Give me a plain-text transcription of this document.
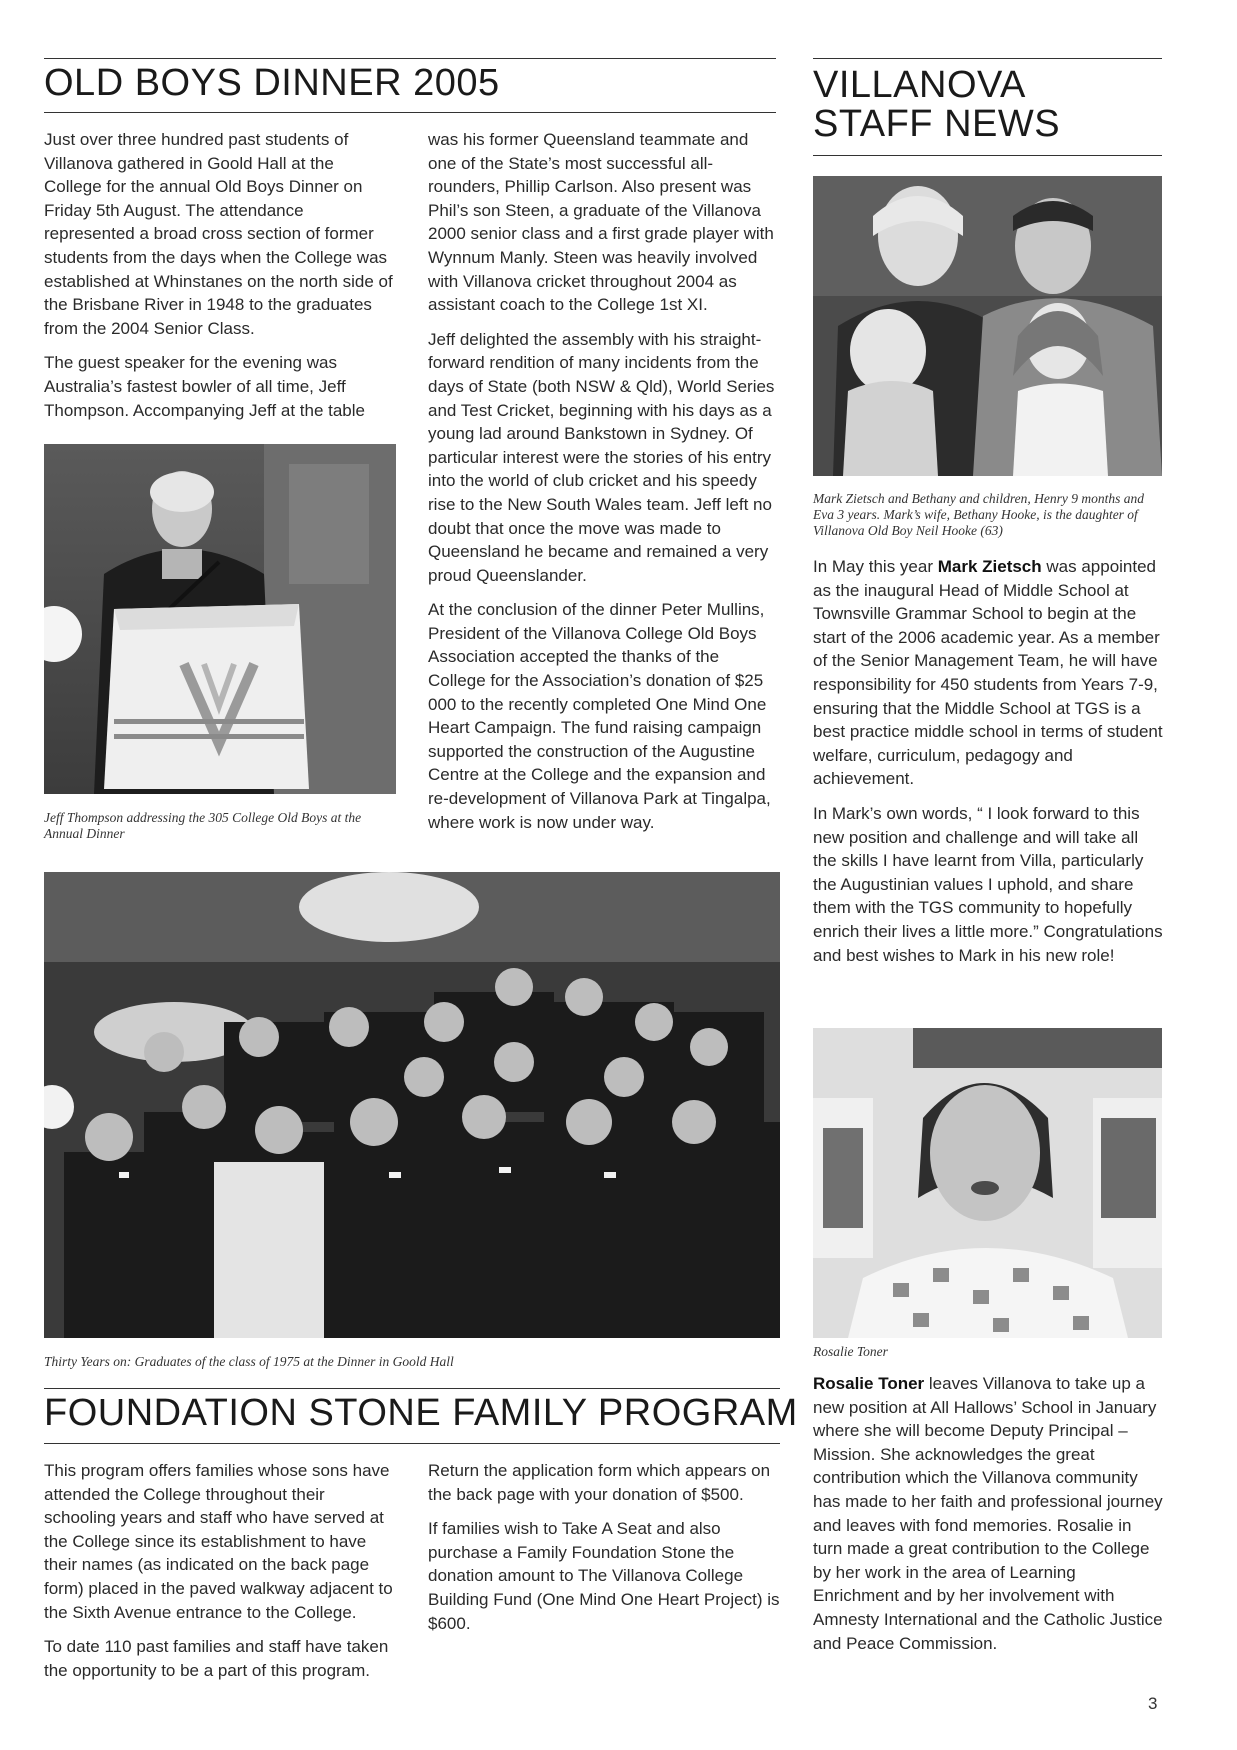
OLD BOYS DINNER 2005

Just over three hundred past students of Villanova gathered in Goold Hall at the College for the annual Old Boys Dinner on Friday 5th August. The attendance represented a broad cross section of former students from the days when the College was established at Whinstanes on the north side of the Brisbane River in 1948 to the graduates from the 2004 Senior Class.

The guest speaker for the evening was Australia’s fastest bowler of all time, Jeff Thompson. Accompanying Jeff at the table

Jeff Thompson addressing the 305 College Old Boys at the Annual Dinner

was his former Queensland teammate and one of the State’s most successful all-rounders, Phillip Carlson. Also present was Phil’s son Steen, a graduate of the Villanova 2000 senior class and a first grade player with Wynnum Manly. Steen was heavily involved with Villanova cricket throughout 2004 as assistant coach to the College 1st XI.

Jeff delighted the assembly with his straight-forward rendition of many incidents from the days of State (both NSW & Qld), World Series and Test Cricket, beginning with his days as a young lad around Bankstown in Sydney. Of particular interest were the stories of his entry into the world of club cricket and his speedy rise to the New South Wales team. Jeff left no doubt that once the move was made to Queensland he became and remained a very proud Queenslander.

At the conclusion of the dinner Peter Mullins, President of the Villanova College Old Boys Association accepted the thanks of the College for the Association’s donation of $25 000 to the recently completed One Mind One Heart Campaign. The fund raising campaign supported the construction of the Augustine Centre at the College and the expansion and re-development of Villanova Park at Tingalpa, where work is now under way.

Thirty Years on: Graduates of the class of 1975 at the Dinner in Goold Hall
VILLANOVA
STAFF NEWS
Mark Zietsch and Bethany and children, Henry 9 months and Eva 3 years. Mark’s wife, Bethany Hooke, is the daughter of Villanova Old Boy Neil Hooke (63)

In May this year Mark Zietsch was appointed as the inaugural Head of Middle School at Townsville Grammar School to begin at the start of the 2006 academic year. As a member of the Senior Management Team, he will have responsibility for 450 students from Years 7-9, ensuring that the Middle School at TGS is a best practice middle school in terms of student welfare, curriculum, pedagogy and achievement.

In Mark’s own words, “ I look forward to this new position and challenge and will take all the skills I have learnt from Villa, particularly the Augustinian values I uphold, and share them with the TGS community to hopefully enrich their lives a little more.” Congratulations and best wishes to Mark in his new role!

Rosalie Toner

Rosalie Toner leaves Villanova to take up a new position at All Hallows’ School in January where she will become Deputy Principal – Mission. She acknowledges the great contribution which the Villanova community has made to her faith and professional journey and leaves with fond memories. Rosalie in turn made a great contribution to the College by her work in the area of Learning Enrichment and by her involvement with Amnesty International and the Catholic Justice and Peace Commission.

FOUNDATION STONE FAMILY PROGRAM

This program offers families whose sons have attended the College throughout their schooling years and staff who have served at the College since its establishment to have their names (as indicated on the back page form) placed in the paved walkway adjacent to the Sixth Avenue entrance to the College.

To date 110 past families and staff have taken the opportunity to be a part of this program.

Return the application form which appears on the back page with your donation of $500.

If families wish to Take A Seat and also purchase a Family Foundation Stone the donation amount to The Villanova College Building Fund (One Mind One Heart Project) is $600.

3
